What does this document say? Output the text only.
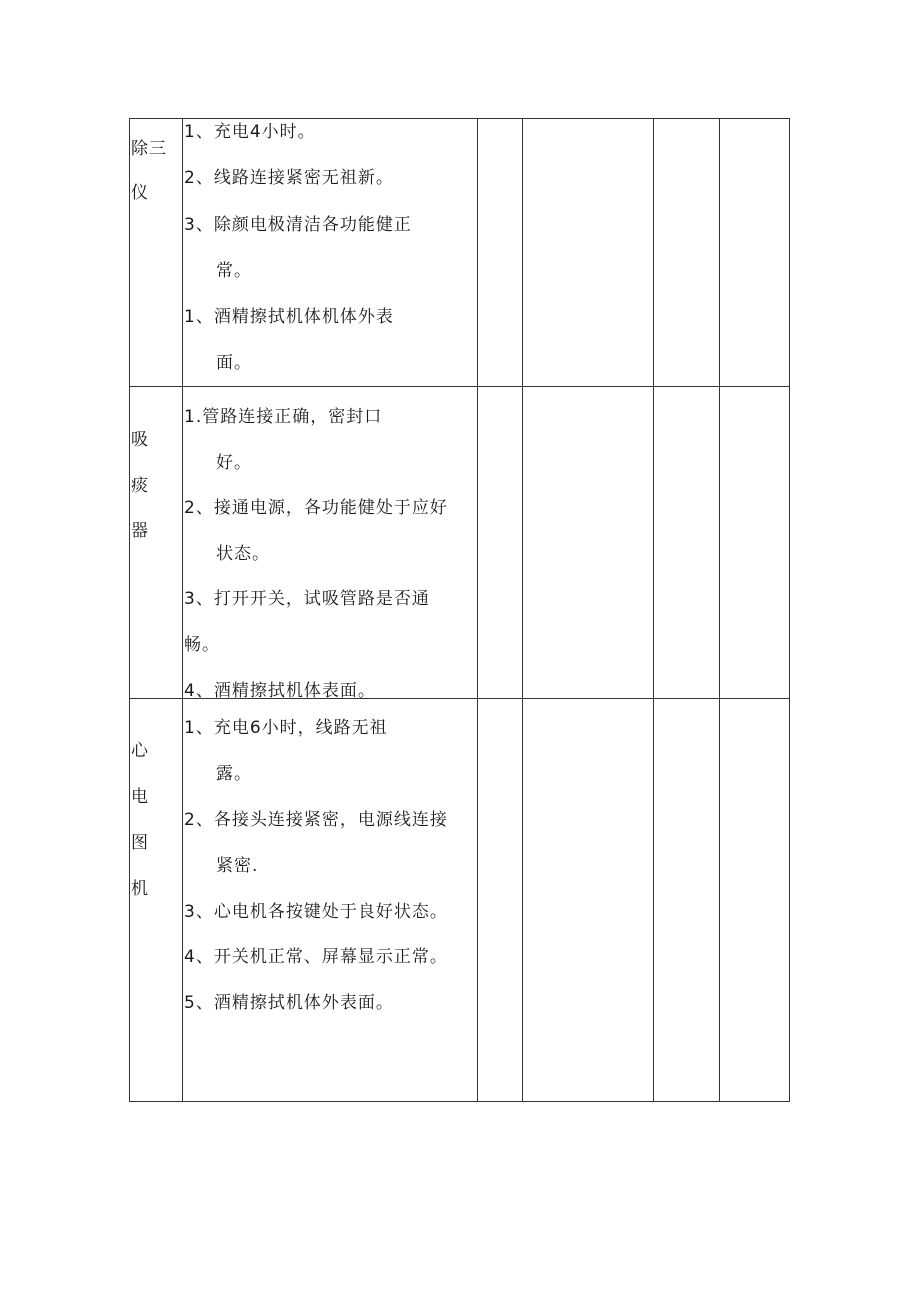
除三
仪
1、充电4小时。
2、线路连接紧密无祖新。
3、除颜电极清洁各功能健正
常。
1、酒精擦拭机体机体外表
面。
吸
痰
器
1.管路连接正确，密封口
好。
2、接通电源，各功能健处于应好
状态。
3、打开开关，试吸管路是否通
畅。
4、酒精擦拭机体表面。
心
电
图
机
1、充电6小时，线路无祖
露。
2、各接头连接紧密，电源线连接
紧密.
3、心电机各按键处于良好状态。
4、开关机正常、屏幕显示正常。
5、酒精擦拭机体外表面。
